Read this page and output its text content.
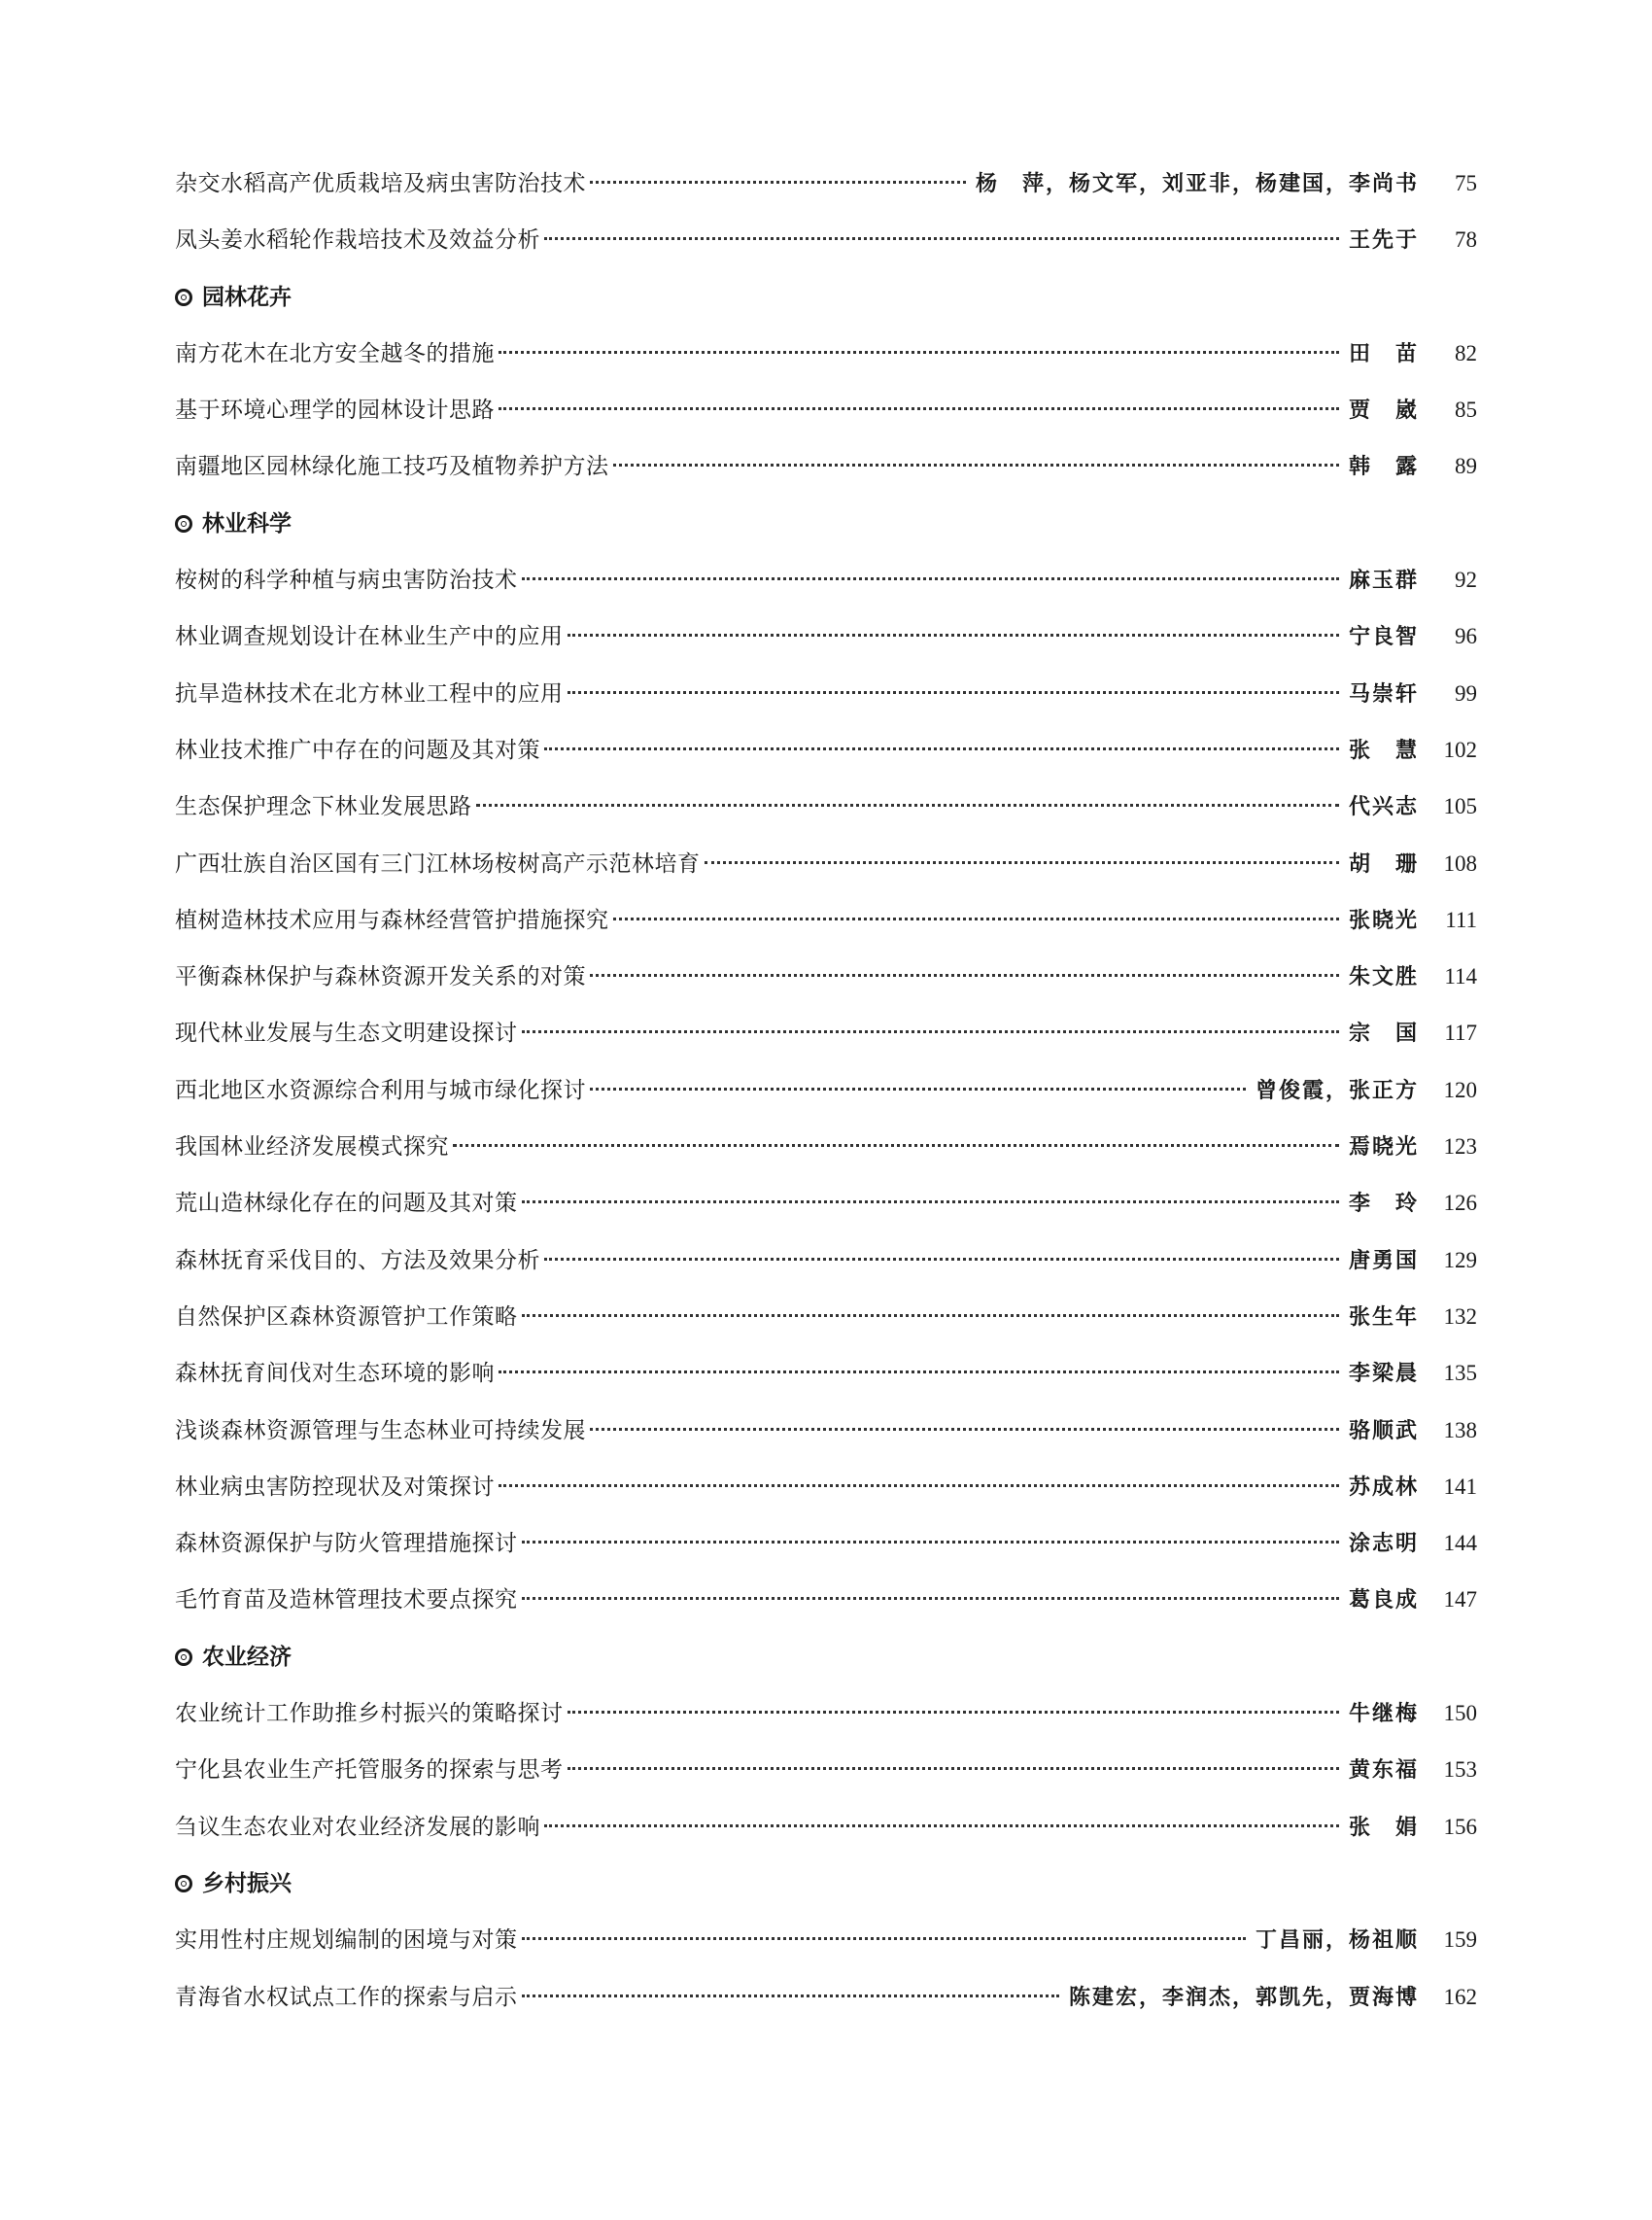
杂交水稻高产优质栽培及病虫害防治技术	杨　萍，杨文军，刘亚非，杨建国，李尚书	75
凤头姜水稻轮作栽培技术及效益分析	王先于	78
园林花卉
南方花木在北方安全越冬的措施	田　苗	82
基于环境心理学的园林设计思路	贾　崴	85
南疆地区园林绿化施工技巧及植物养护方法	韩　露	89
林业科学
桉树的科学种植与病虫害防治技术	麻玉群	92
林业调查规划设计在林业生产中的应用	宁良智	96
抗旱造林技术在北方林业工程中的应用	马崇轩	99
林业技术推广中存在的问题及其对策	张　慧	102
生态保护理念下林业发展思路	代兴志	105
广西壮族自治区国有三门江林场桉树高产示范林培育	胡　珊	108
植树造林技术应用与森林经营管护措施探究	张晓光	111
平衡森林保护与森林资源开发关系的对策	朱文胜	114
现代林业发展与生态文明建设探讨	宗　国	117
西北地区水资源综合利用与城市绿化探讨	曾俊霞，张正方	120
我国林业经济发展模式探究	焉晓光	123
荒山造林绿化存在的问题及其对策	李　玲	126
森林抚育采伐目的、方法及效果分析	唐勇国	129
自然保护区森林资源管护工作策略	张生年	132
森林抚育间伐对生态环境的影响	李梁晨	135
浅谈森林资源管理与生态林业可持续发展	骆顺武	138
林业病虫害防控现状及对策探讨	苏成林	141
森林资源保护与防火管理措施探讨	涂志明	144
毛竹育苗及造林管理技术要点探究	葛良成	147
农业经济
农业统计工作助推乡村振兴的策略探讨	牛继梅	150
宁化县农业生产托管服务的探索与思考	黄东福	153
刍议生态农业对农业经济发展的影响	张　娟	156
乡村振兴
实用性村庄规划编制的困境与对策	丁昌丽，杨祖顺	159
青海省水权试点工作的探索与启示	陈建宏，李润杰，郭凯先，贾海博	162
